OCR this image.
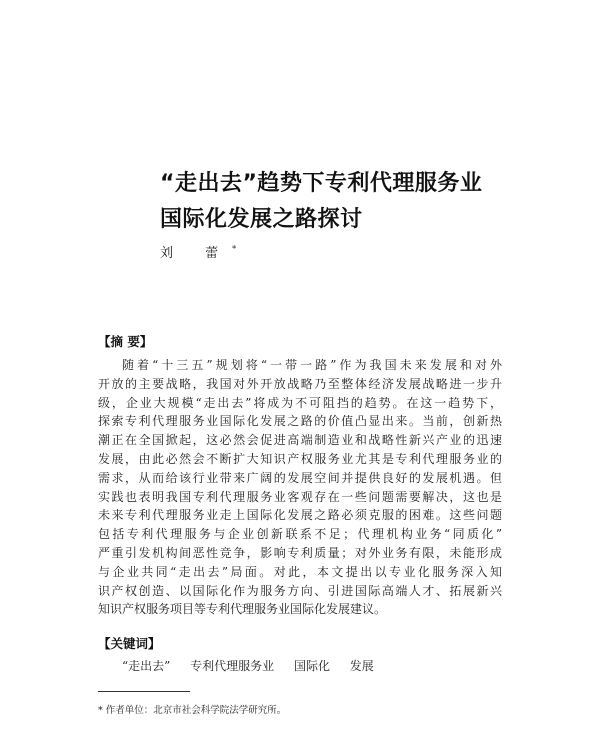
“走出去”趋势下专利代理服务业
国际化发展之路探讨
刘 蕾*
【摘 要】
随着“十三五”规划将“一带一路”作为我国未来发展和对外
开放的主要战略，我国对外开放战略乃至整体经济发展战略进一步升
级，企业大规模“走出去”将成为不可阻挡的趋势。在这一趋势下，
探索专利代理服务业国际化发展之路的价值凸显出来。当前，创新热
潮正在全国掀起，这必然会促进高端制造业和战略性新兴产业的迅速
发展，由此必然会不断扩大知识产权服务业尤其是专利代理服务业的
需求，从而给该行业带来广阔的发展空间并提供良好的发展机遇。但
实践也表明我国专利代理服务业客观存在一些问题需要解决，这也是
未来专利代理服务业走上国际化发展之路必须克服的困难。这些问题
包括专利代理服务与企业创新联系不足；代理机构业务“同质化”
严重引发机构间恶性竞争，影响专利质量；对外业务有限，未能形成
与企业共同“走出去”局面。对此，本文提出以专业化服务深入知
识产权创造、以国际化作为服务方向、引进国际高端人才、拓展新兴
知识产权服务项目等专利代理服务业国际化发展建议。
【关键词】
“走出去” 专利代理服务业 国际化 发展
* 作者单位：北京市社会科学院法学研究所。
